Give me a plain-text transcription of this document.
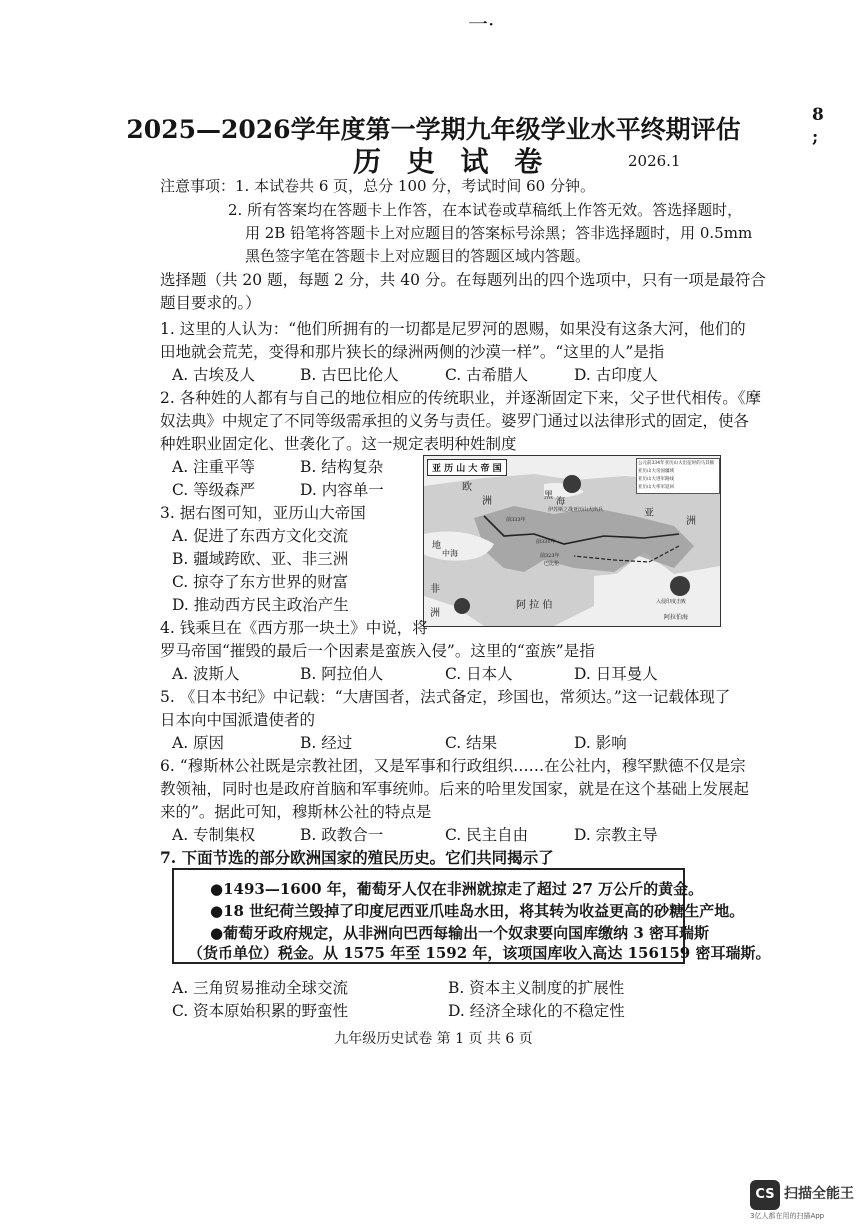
一·
8
;
2025—2026学年度第一学期九年级学业水平终期评估
历 史 试 卷	2026.1
注意事项：1. 本试卷共 6 页，总分 100 分，考试时间 60 分钟。
2. 所有答案均在答题卡上作答，在本试卷或草稿纸上作答无效。答选择题时，
用 2B 铅笔将答题卡上对应题目的答案标号涂黑；答非选择题时，用 0.5mm
黑色签字笔在答题卡上对应题目的答题区域内答题。
选择题（共 20 题，每题 2 分，共 40 分。在每题列出的四个选项中，只有一项是最符合
题目要求的。）
1. 这里的人认为：“他们所拥有的一切都是尼罗河的恩赐，如果没有这条大河，他们的
田地就会荒芜，变得和那片狭长的绿洲两侧的沙漠一样”。“这里的人”是指
A. 古埃及人	B. 古巴比伦人	C. 古希腊人	D. 古印度人
2. 各种姓的人都有与自己的地位相应的传统职业，并逐渐固定下来，父子世代相传。《摩
奴法典》中规定了不同等级需承担的义务与责任。婆罗门通过以法律形式的固定，使各
种姓职业固定化、世袭化了。这一规定表明种姓制度
A. 注重平等	B. 结构复杂
C. 等级森严	D. 内容单一
3. 据右图可知，亚历山大帝国
A. 促进了东西方文化交流
B. 疆域跨欧、亚、非三洲
C. 掠夺了东方世界的财富
D. 推动西方民主政治产生
亚 历 山 大 帝 国
公元前334年亚历山大出征时的马其顿
亚历山大帝国疆域
亚历山大进军路线
亚历山大率军返回
欧
洲	黑
海
伊苏斯之战亚历山大出兵	亚
洲
地
中海
前333年
前331年
前323年
巴比伦
非
洲
阿 拉 伯	入侵印度击败
阿拉伯海
4. 钱乘旦在《西方那一块土》中说，将
罗马帝国“摧毁的最后一个因素是蛮族入侵”。这里的“蛮族”是指
A. 波斯人	B. 阿拉伯人	C. 日本人	D. 日耳曼人
5. 《日本书纪》中记载：“大唐国者，法式备定，珍国也，常须达。”这一记载体现了
日本向中国派遣使者的
A. 原因	B. 经过	C. 结果	D. 影响
6. “穆斯林公社既是宗教社团，又是军事和行政组织……在公社内，穆罕默德不仅是宗
教领袖，同时也是政府首脑和军事统帅。后来的哈里发国家，就是在这个基础上发展起
来的”。据此可知，穆斯林公社的特点是
A. 专制集权	B. 政教合一	C. 民主自由	D. 宗教主导
7. 下面节选的部分欧洲国家的殖民历史。它们共同揭示了
●1493—1600 年，葡萄牙人仅在非洲就掠走了超过 27 万公斤的黄金。
●18 世纪荷兰毁掉了印度尼西亚爪哇岛水田，将其转为收益更高的砂糖生产地。
●葡萄牙政府规定，从非洲向巴西每输出一个奴隶要向国库缴纳 3 密耳瑞斯
（货币单位）税金。从 1575 年至 1592 年，该项国库收入高达 156159 密耳瑞斯。
A. 三角贸易推动全球交流	B. 资本主义制度的扩展性
C. 资本原始积累的野蛮性	D. 经济全球化的不稳定性
九年级历史试卷 第 1 页 共 6 页
CS 扫描全能王
3亿人都在用的扫描App
